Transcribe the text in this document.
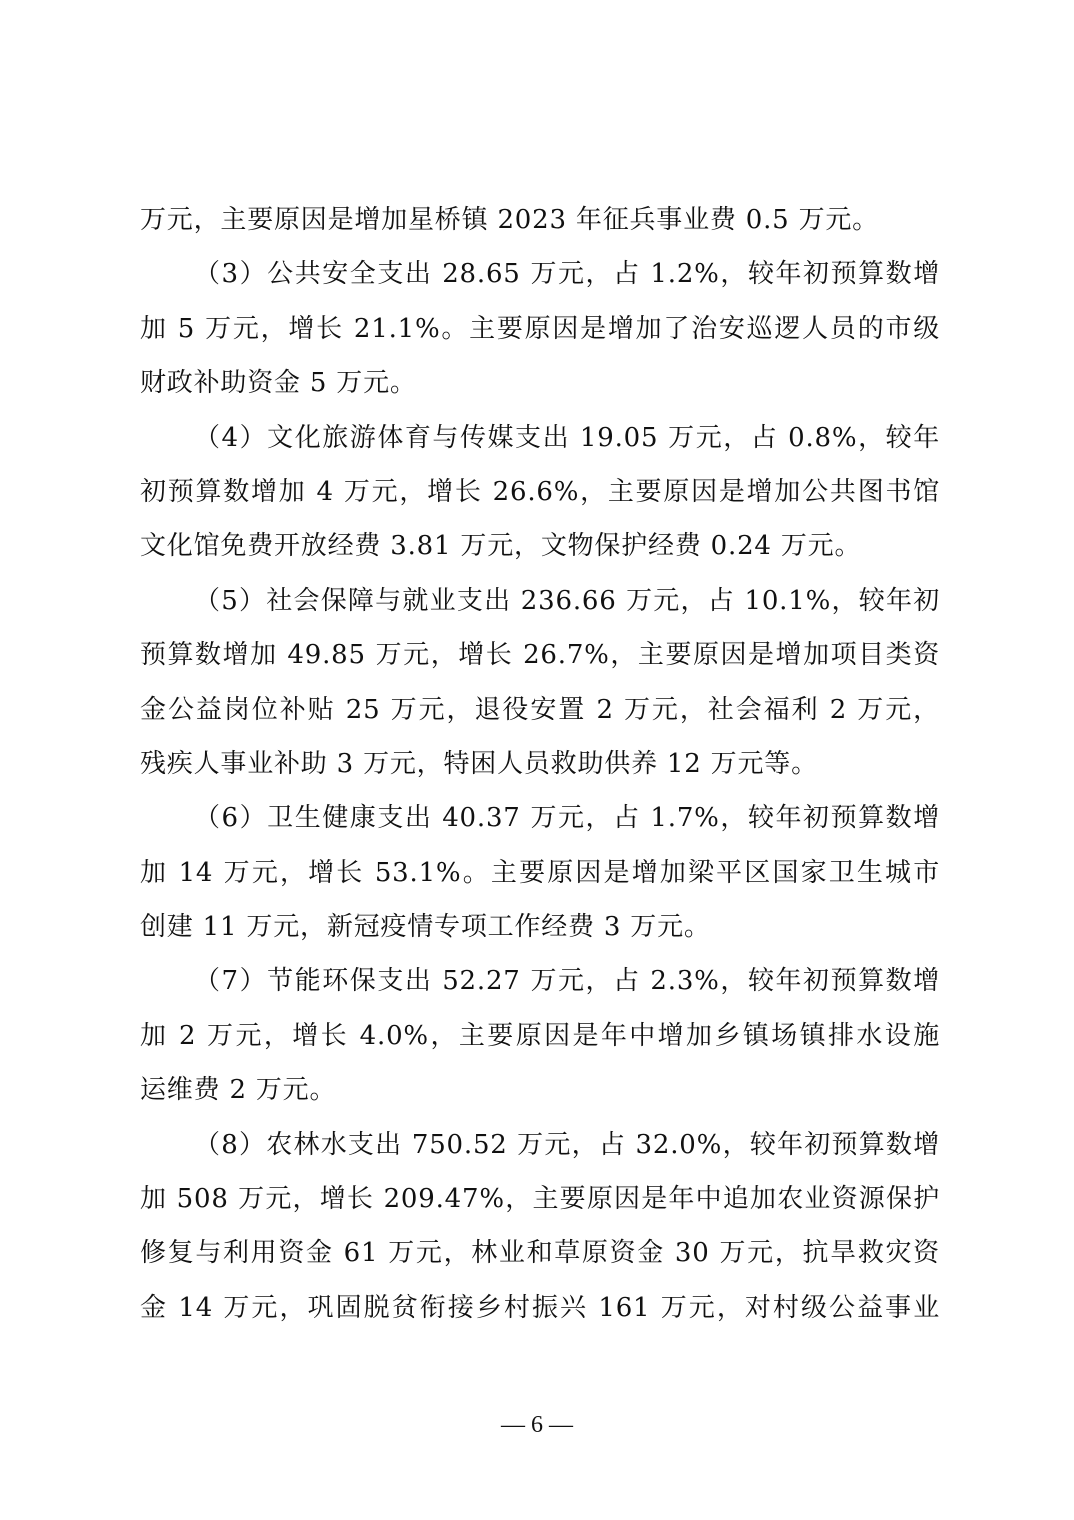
万元，主要原因是增加星桥镇 2023 年征兵事业费 0.5 万元。
（3）公共安全支出 28.65 万元，占 1.2%，较年初预算数增
加 5 万元，增长 21.1%。主要原因是增加了治安巡逻人员的市级
财政补助资金 5 万元。
（4）文化旅游体育与传媒支出 19.05 万元，占 0.8%，较年
初预算数增加 4 万元，增长 26.6%，主要原因是增加公共图书馆
文化馆免费开放经费 3.81 万元，文物保护经费 0.24 万元。
（5）社会保障与就业支出 236.66 万元，占 10.1%，较年初
预算数增加 49.85 万元，增长 26.7%，主要原因是增加项目类资
金公益岗位补贴 25 万元，退役安置 2 万元，社会福利 2 万元，
残疾人事业补助 3 万元，特困人员救助供养 12 万元等。
（6）卫生健康支出 40.37 万元，占 1.7%，较年初预算数增
加 14 万元，增长 53.1%。主要原因是增加梁平区国家卫生城市
创建 11 万元，新冠疫情专项工作经费 3 万元。
（7）节能环保支出 52.27 万元，占 2.3%，较年初预算数增
加 2 万元，增长 4.0%，主要原因是年中增加乡镇场镇排水设施
运维费 2 万元。
（8）农林水支出 750.52 万元，占 32.0%，较年初预算数增
加 508 万元，增长 209.47%，主要原因是年中追加农业资源保护
修复与利用资金 61 万元，林业和草原资金 30 万元，抗旱救灾资
金 14 万元，巩固脱贫衔接乡村振兴 161 万元，对村级公益事业
— 6 —
